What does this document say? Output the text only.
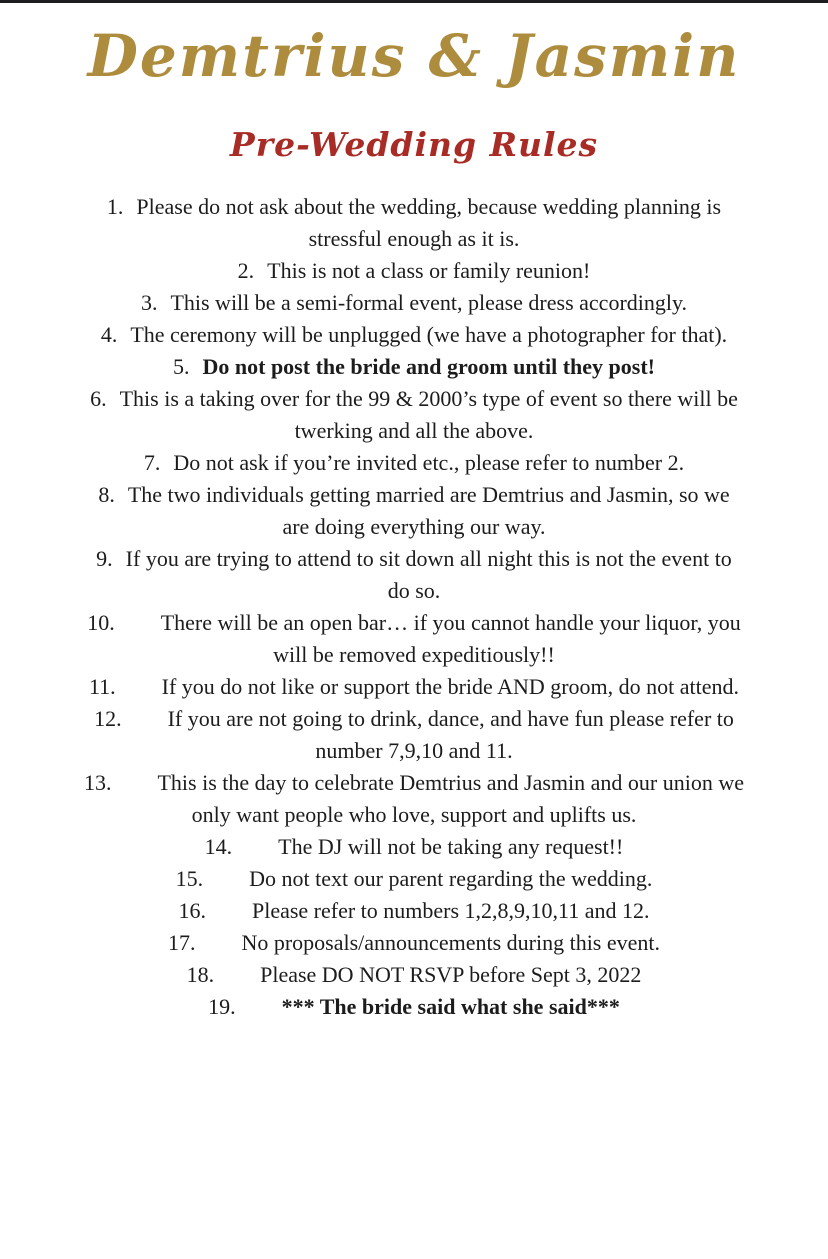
Demtrius & Jasmin
Pre-Wedding Rules
1. Please do not ask about the wedding, because wedding planning is
stressful enough as it is.
2. This is not a class or family reunion!
3. This will be a semi-formal event, please dress accordingly.
4. The ceremony will be unplugged (we have a photographer for that).
5. Do not post the bride and groom until they post!
6. This is a taking over for the 99 & 2000’s type of event so there will be
twerking and all the above.
7. Do not ask if you’re invited etc., please refer to number 2.
8. The two individuals getting married are Demtrius and Jasmin, so we
are doing everything our way.
9. If you are trying to attend to sit down all night this is not the event to
do so.
10. There will be an open bar… if you cannot handle your liquor, you
will be removed expeditiously!!
11. If you do not like or support the bride AND groom, do not attend.
12. If you are not going to drink, dance, and have fun please refer to
number 7,9,10 and 11.
13. This is the day to celebrate Demtrius and Jasmin and our union we
only want people who love, support and uplifts us.
14. The DJ will not be taking any request!!
15. Do not text our parent regarding the wedding.
16. Please refer to numbers 1,2,8,9,10,11 and 12.
17. No proposals/announcements during this event.
18. Please DO NOT RSVP before Sept 3, 2022
19. *** The bride said what she said***
